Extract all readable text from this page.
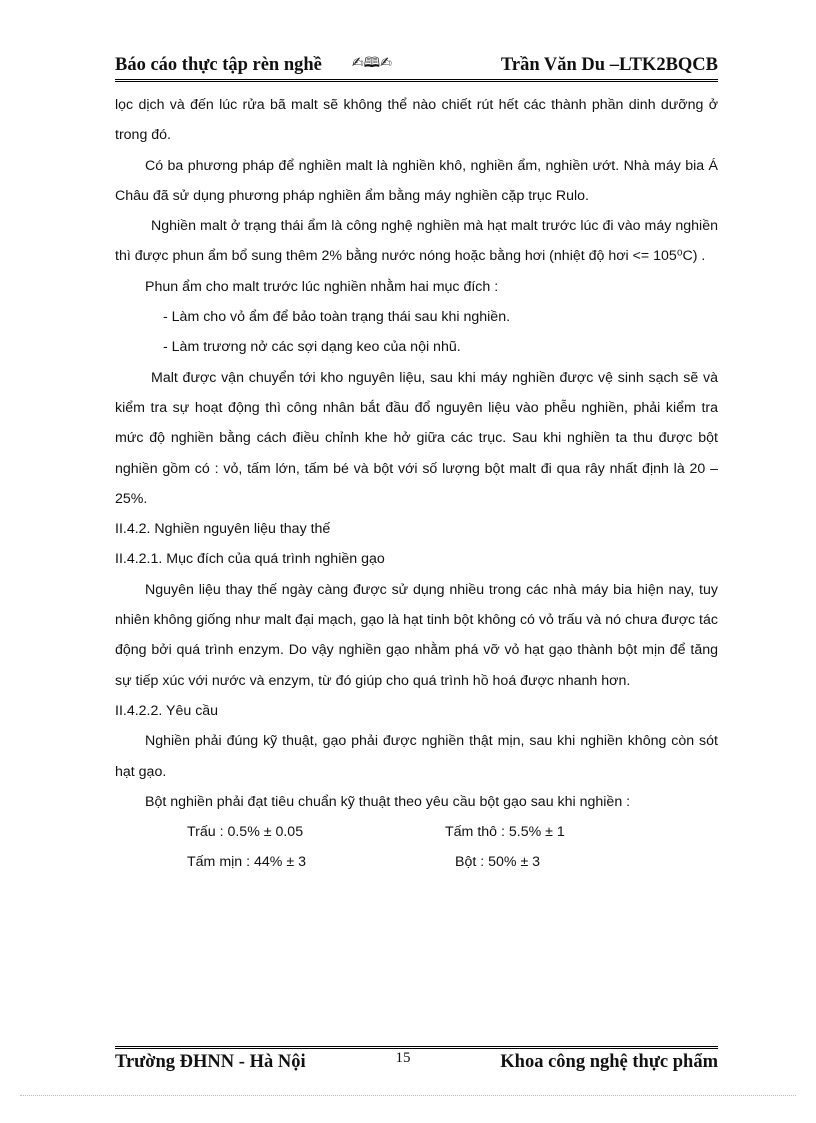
Báo cáo thực tập rèn nghề ✍🕮✍	Trần Văn Du –LTK2BQCB

lọc dịch và đến lúc rửa bã malt sẽ không thể nào chiết rút hết các thành phần dinh dưỡng ở trong đó.

Có ba phương pháp để nghiền malt là nghiền khô, nghiền ẩm, nghiền ướt. Nhà máy bia Á Châu đã sử dụng phương pháp nghiền ẩm bằng máy nghiền cặp trục Rulo.

Nghiền malt ở trạng thái ẩm là công nghệ nghiền mà hạt malt trước lúc đi vào máy nghiền thì được phun ẩm bổ sung thêm 2% bằng nước nóng hoặc bằng hơi (nhiệt độ hơi <= 105⁰C) .

Phun ẩm cho malt trước lúc nghiền nhằm hai mục đích :

- Làm cho vỏ ẩm để bảo toàn trạng thái sau khi nghiền.

- Làm trương nở các sợi dạng keo của nội nhũ.

Malt được vận chuyển tới kho nguyên liệu, sau khi máy nghiền được vệ sinh sạch sẽ và kiểm tra sự hoạt động thì công nhân bắt đầu đổ nguyên liệu vào phễu nghiền, phải kiểm tra mức độ nghiền bằng cách điều chỉnh khe hở giữa các trục. Sau khi nghiền ta thu được bột nghiền gồm có : vỏ, tấm lớn, tấm bé và bột với số lượng bột malt đi qua rây nhất định là 20 – 25%.

II.4.2. Nghiền nguyên liệu thay thế

II.4.2.1. Mục đích của quá trình nghiền gạo

Nguyên liệu thay thế ngày càng được sử dụng nhiều trong các nhà máy bia hiện nay, tuy nhiên không giống như malt đại mạch, gạo là hạt tinh bột không có vỏ trấu và nó chưa được tác động bởi quá trình enzym. Do vậy nghiền gạo nhằm phá vỡ vỏ hạt gạo thành bột mịn để tăng sự tiếp xúc với nước và enzym, từ đó giúp cho quá trình hồ hoá được nhanh hơn.

II.4.2.2. Yêu cầu

Nghiền phải đúng kỹ thuật, gạo phải được nghiền thật mịn, sau khi nghiền không còn sót hạt gạo.

Bột nghiền phải đạt tiêu chuẩn kỹ thuật theo yêu cầu bột gạo sau khi nghiền :

Trấu : 0.5% ± 0.05	Tấm thô : 5.5% ± 1
Tấm mịn : 44% ± 3	Bột : 50% ± 3
Trường ĐHNN - Hà Nội	15	Khoa công nghệ thực phẩm
